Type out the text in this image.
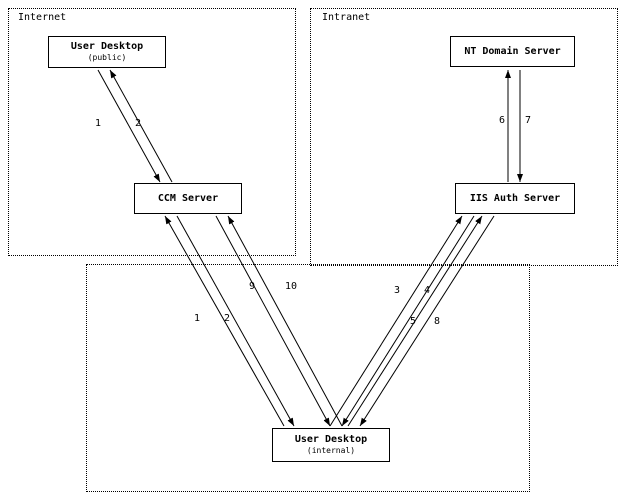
Internet	Intranet
User Desktop
(public)
CCM Server
NT Domain Server
IIS Auth Server
User Desktop
(internal)
1	2	6 7
9	10	3 4
1 2	5 8
